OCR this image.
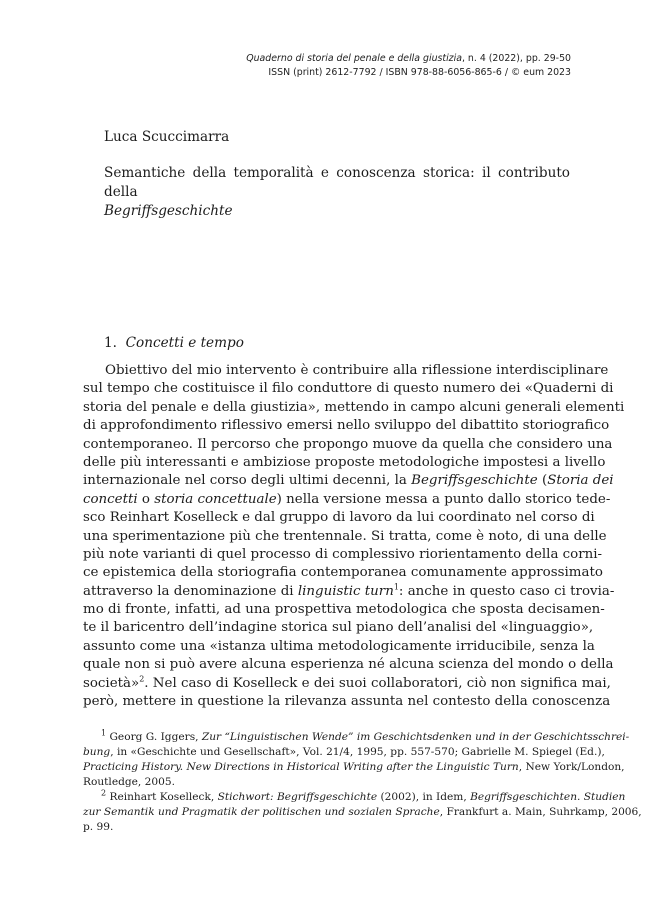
Quaderno di storia del penale e della giustizia, n. 4 (2022), pp. 29-50
ISSN (print) 2612-7792 / ISBN 978-88-6056-865-6 / © eum 2023
Luca Scuccimarra
Semantiche della temporalità e conoscenza storica: il contributo della
Begriffsgeschichte
1. Concetti e tempo
Obiettivo del mio intervento è contribuire alla riflessione interdisciplinare
sul tempo che costituisce il filo conduttore di questo numero dei «Quaderni di
storia del penale e della giustizia», mettendo in campo alcuni generali elementi
di approfondimento riflessivo emersi nello sviluppo del dibattito storiografico
contemporaneo. Il percorso che propongo muove da quella che considero una
delle più interessanti e ambiziose proposte metodologiche impostesi a livello
internazionale nel corso degli ultimi decenni, la Begriffsgeschichte (Storia dei
concetti o storia concettuale) nella versione messa a punto dallo storico tede-
sco Reinhart Koselleck e dal gruppo di lavoro da lui coordinato nel corso di
una sperimentazione più che trentennale. Si tratta, come è noto, di una delle
più note varianti di quel processo di complessivo riorientamento della corni-
ce epistemica della storiografia contemporanea comunamente approssimato
attraverso la denominazione di linguistic turn$^1$: anche in questo caso ci trovia-
mo di fronte, infatti, ad una prospettiva metodologica che sposta decisamen-
te il baricentro dell’indagine storica sul piano dell’analisi del «linguaggio»,
assunto come una «istanza ultima metodologicamente irriducibile, senza la
quale non si può avere alcuna esperienza né alcuna scienza del mondo o della
società»$^2$. Nel caso di Koselleck e dei suoi collaboratori, ciò non significa mai,
però, mettere in questione la rilevanza assunta nel contesto della conoscenza
$^1$ Georg G. Iggers, Zur “Linguistischen Wende” im Geschichtsdenken und in der Geschichtsschrei-
bung, in «Geschichte und Gesellschaft», Vol. 21/4, 1995, pp. 557-570; Gabrielle M. Spiegel (Ed.),
Practicing History. New Directions in Historical Writing after the Linguistic Turn, New York/London,
Routledge, 2005.
$^2$ Reinhart Koselleck, Stichwort: Begriffsgeschichte (2002), in Idem, Begriffsgeschichten. Studien
zur Semantik und Pragmatik der politischen und sozialen Sprache, Frankfurt a. Main, Suhrkamp, 2006,
p. 99.
